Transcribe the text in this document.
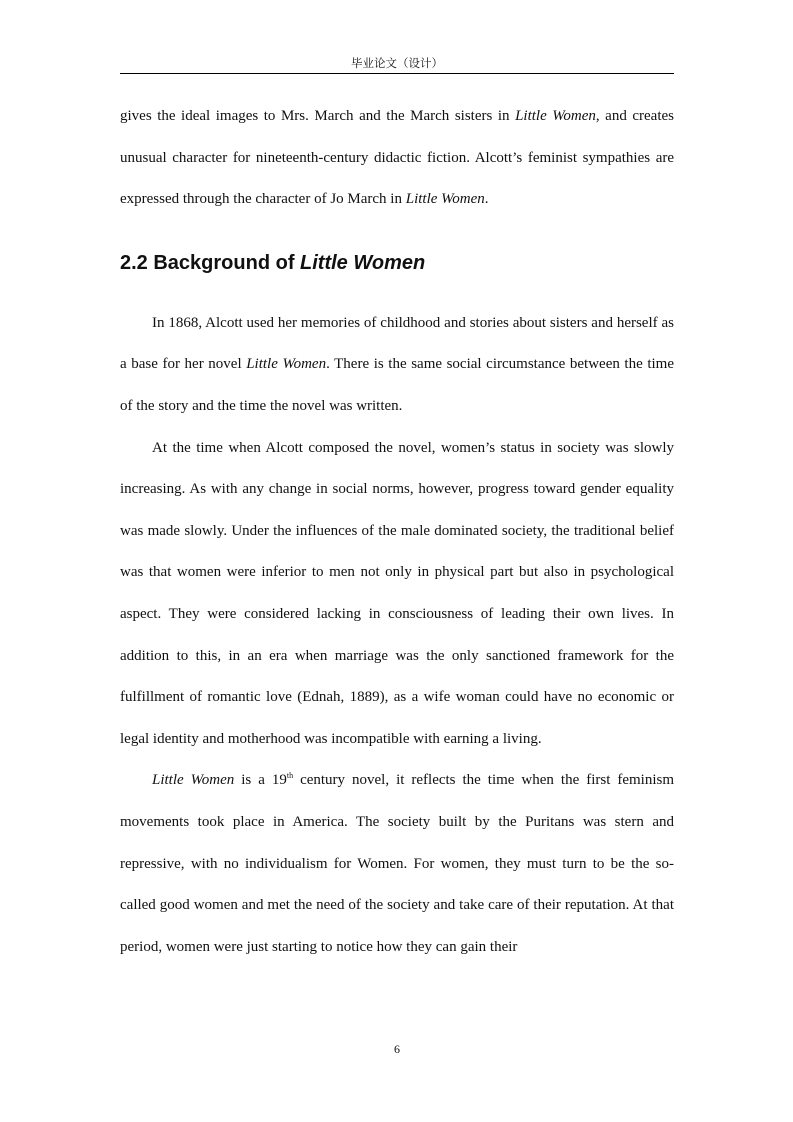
毕业论文（设计）

gives the ideal images to Mrs. March and the March sisters in Little Women, and creates unusual character for nineteenth-century didactic fiction. Alcott’s feminist sympathies are expressed through the character of Jo March in Little Women.

2.2 Background of Little Women

In 1868, Alcott used her memories of childhood and stories about sisters and herself as a base for her novel Little Women. There is the same social circumstance between the time of the story and the time the novel was written.

At the time when Alcott composed the novel, women’s status in society was slowly increasing. As with any change in social norms, however, progress toward gender equality was made slowly. Under the influences of the male dominated society, the traditional belief was that women were inferior to men not only in physical part but also in psychological aspect. They were considered lacking in consciousness of leading their own lives. In addition to this, in an era when marriage was the only sanctioned framework for the fulfillment of romantic love (Ednah, 1889), as a wife woman could have no economic or legal identity and motherhood was incompatible with earning a living.

Little Women is a 19th century novel, it reflects the time when the first feminism movements took place in America. The society built by the Puritans was stern and repressive, with no individualism for Women. For women, they must turn to be the so-called good women and met the need of the society and take care of their reputation. At that period, women were just starting to notice how they can gain their

6
